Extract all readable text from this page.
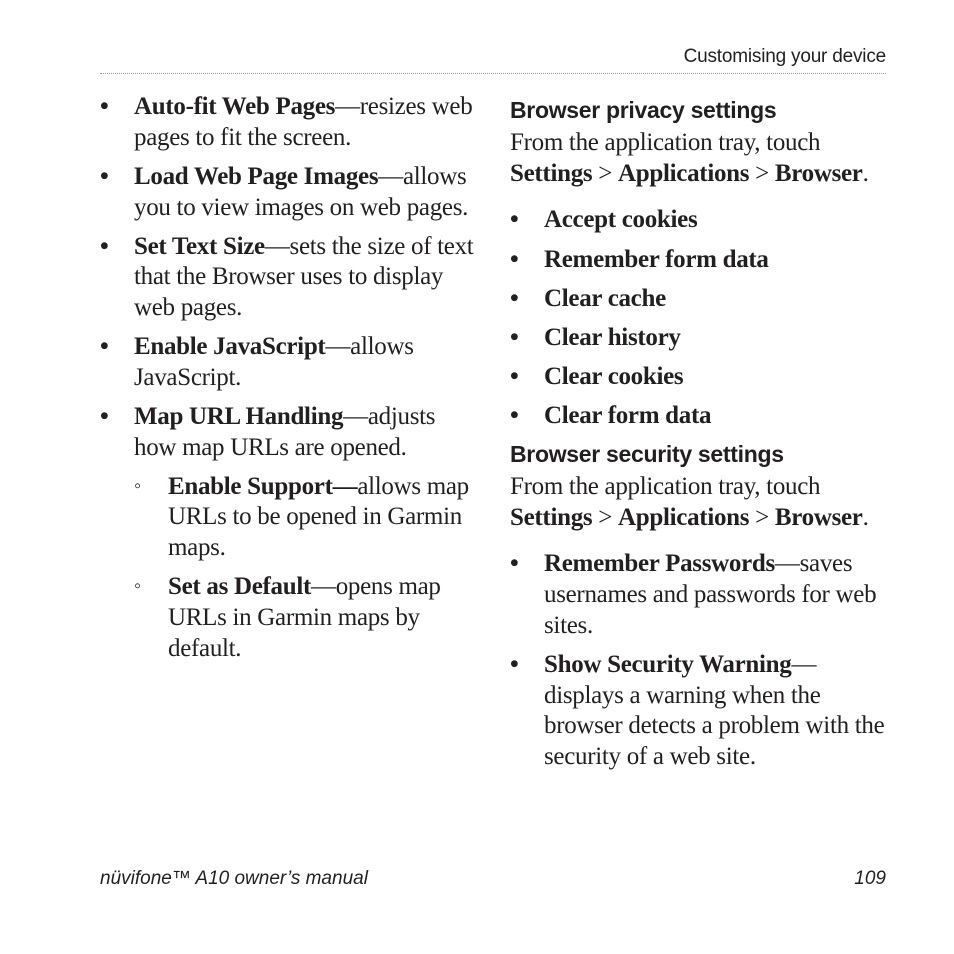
Customising your device
• Auto-fit Web Pages—resizes web pages to fit the screen.
• Load Web Page Images—allows you to view images on web pages.
• Set Text Size—sets the size of text that the Browser uses to display web pages.
• Enable JavaScript—allows JavaScript.
• Map URL Handling—adjusts how map URLs are opened.
◦ Enable Support—allows map URLs to be opened in Garmin maps.
◦ Set as Default—opens map URLs in Garmin maps by default.
Browser privacy settings

From the application tray, touch
Settings > Applications > Browser.

• Accept cookies
• Remember form data
• Clear cache
• Clear history
• Clear cookies
• Clear form data
Browser security settings

From the application tray, touch
Settings > Applications > Browser.

• Remember Passwords—saves usernames and passwords for web sites.
• Show Security Warning—displays a warning when the browser detects a problem with the security of a web site.
nüvifone™ A10 owner’s manual	109
